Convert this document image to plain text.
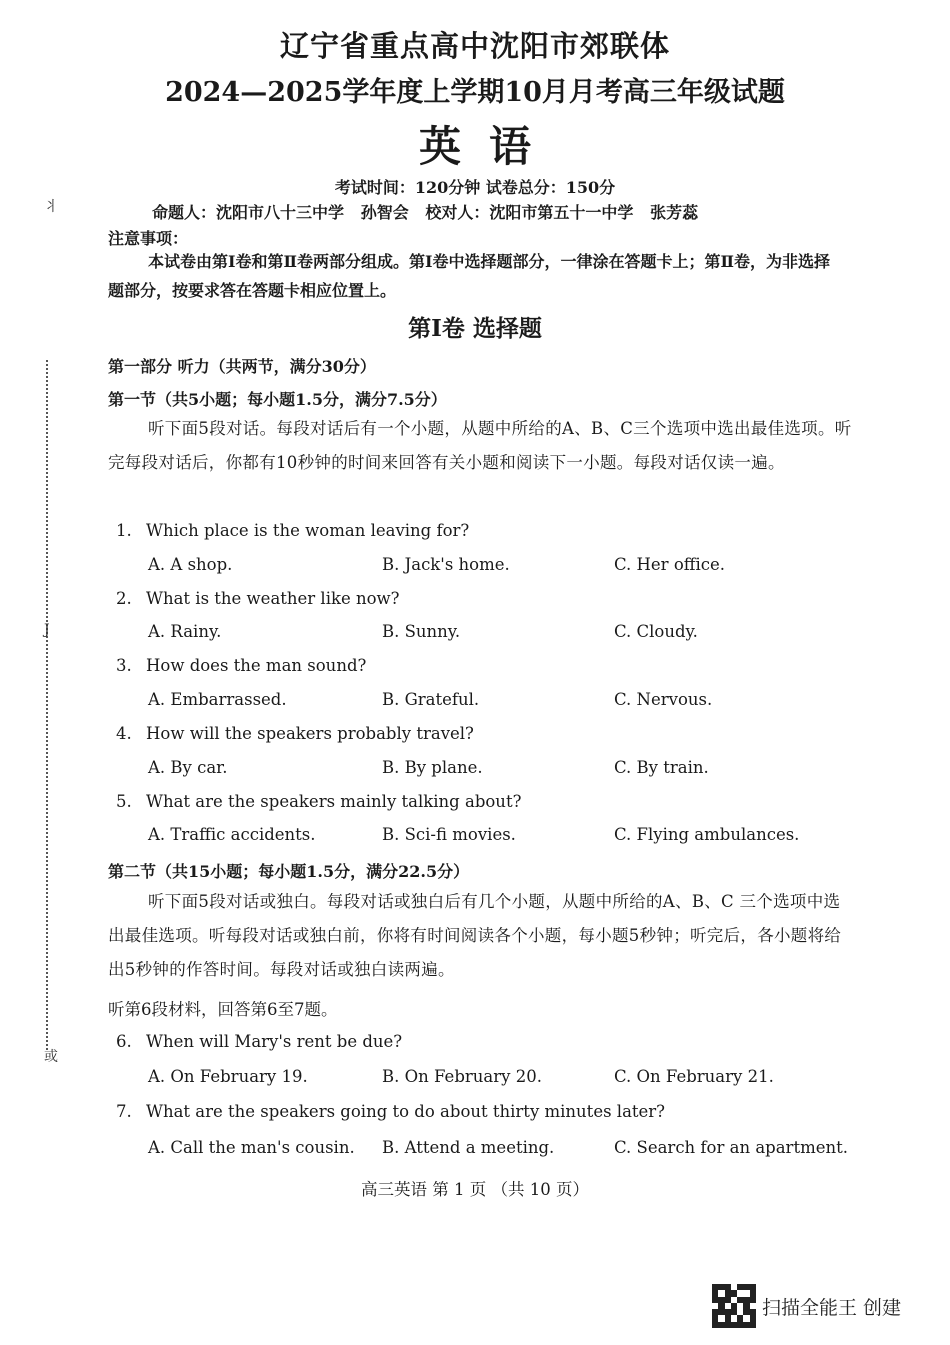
丬
J
或
辽宁省重点高中沈阳市郊联体
2024—2025学年度上学期10月月考高三年级试题
英语
考试时间：120分钟 试卷总分：150分
命题人：沈阳市八十三中学   孙智会   校对人：沈阳市第五十一中学   张芳蕊
注意事项：
本试卷由第Ⅰ卷和第Ⅱ卷两部分组成。第Ⅰ卷中选择题部分，一律涂在答题卡上；第Ⅱ卷，为非选择题部分，按要求答在答题卡相应位置上。
第Ⅰ卷 选择题
第一部分 听力（共两节，满分30分）
第一节（共5小题；每小题1.5分，满分7.5分）
听下面5段对话。每段对话后有一个小题，从题中所给的A、B、C三个选项中选出最佳选项。听完每段对话后，你都有10秒钟的时间来回答有关小题和阅读下一小题。每段对话仅读一遍。
1. Which place is the woman leaving for?
A. A shop.	B. Jack's home.	C. Her office.
2. What is the weather like now?
A. Rainy.	B. Sunny.	C. Cloudy.
3. How does the man sound?
A. Embarrassed.	B. Grateful.	C. Nervous.
4. How will the speakers probably travel?
A. By car.	B. By plane.	C. By train.
5. What are the speakers mainly talking about?
A. Traffic accidents.	B. Sci-fi movies.	C. Flying ambulances.
第二节（共15小题；每小题1.5分，满分22.5分）
听下面5段对话或独白。每段对话或独白后有几个小题，从题中所给的A、B、C 三个选项中选出最佳选项。听每段对话或独白前，你将有时间阅读各个小题，每小题5秒钟；听完后，各小题将给出5秒钟的作答时间。每段对话或独白读两遍。
听第6段材料，回答第6至7题。
6. When will Mary's rent be due?
A. On February 19.	B. On February 20.	C. On February 21.
7. What are the speakers going to do about thirty minutes later?
A. Call the man's cousin. B. Attend a meeting.	C. Search for an apartment.
高三英语 第 1 页 （共 10 页）
扫描全能王 创建
